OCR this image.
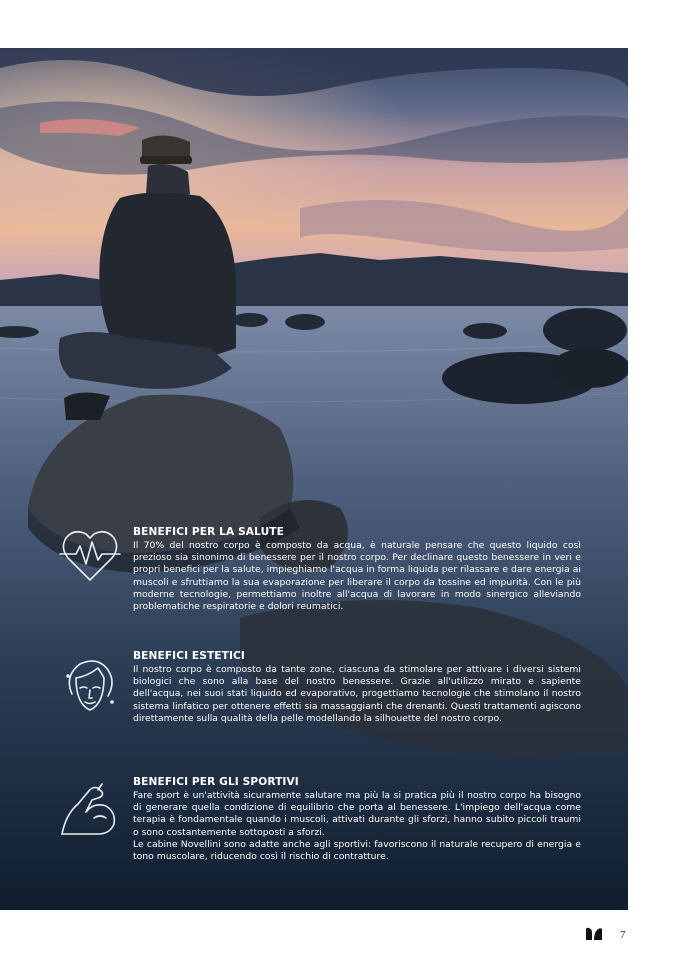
BENEFICI PER LA SALUTE

Il 70% del nostro corpo è composto da acqua, è naturale pensare che questo liquido così prezioso sia sinonimo di benessere per il nostro corpo. Per declinare questo benessere in veri e propri benefici per la salute, impieghiamo l'acqua in forma liquida per rilassare e dare energia ai muscoli e sfruttiamo la sua evaporazione per liberare il corpo da tossine ed impurità. Con le più moderne tecnologie, permettiamo inoltre all'acqua di lavorare in modo sinergico alleviando problematiche respiratorie e dolori reumatici.

BENEFICI ESTETICI

Il nostro corpo è composto da tante zone, ciascuna da stimolare per attivare i diversi sistemi biologici che sono alla base del nostro benessere. Grazie all'utilizzo mirato e sapiente dell'acqua, nei suoi stati liquido ed evaporativo, progettiamo tecnologie che stimolano il nostro sistema linfatico per ottenere effetti sia massaggianti che drenanti. Questi trattamenti agiscono direttamente sulla qualità della pelle modellando la silhouette del nostro corpo.

BENEFICI PER GLI SPORTIVI

Fare sport è un'attività sicuramente salutare ma più la si pratica più il nostro corpo ha bisogno di generare quella condizione di equilibrio che porta al benessere. L'impiego dell'acqua come terapia è fondamentale quando i muscoli, attivati durante gli sforzi, hanno subito piccoli traumi o sono costantemente sottoposti a sforzi.
Le cabine Novellini sono adatte anche agli sportivi: favoriscono il naturale recupero di energia e tono muscolare, riducendo così il rischio di contratture.

7
